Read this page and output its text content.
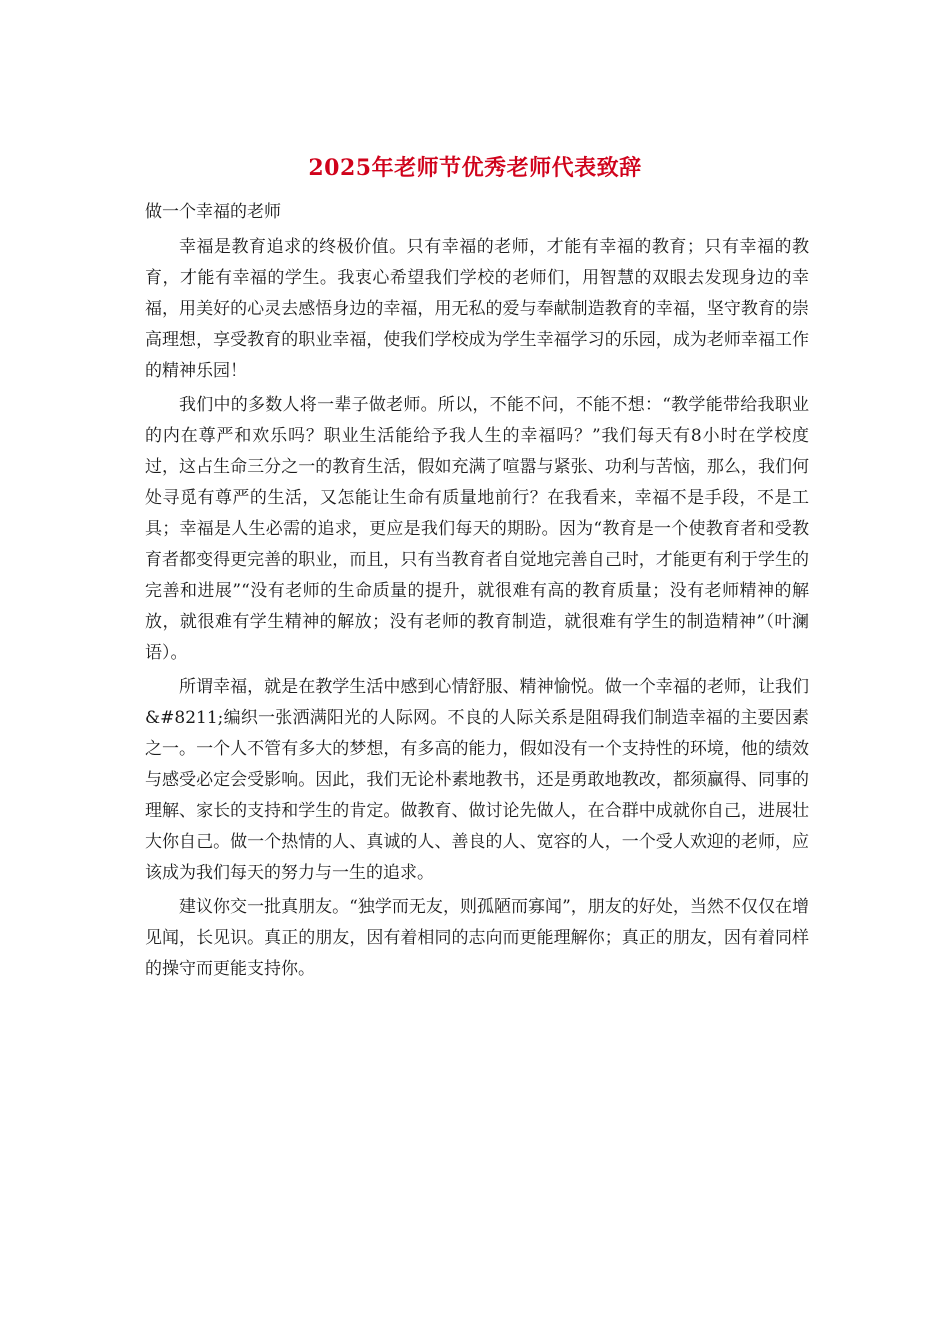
2025年老师节优秀老师代表致辞
做一个幸福的老师

幸福是教育追求的终极价值。只有幸福的老师，才能有幸福的教育；只有幸福的教育，才能有幸福的学生。我衷心希望我们学校的老师们，用智慧的双眼去发现身边的幸福，用美好的心灵去感悟身边的幸福，用无私的爱与奉献制造教育的幸福，坚守教育的崇高理想，享受教育的职业幸福，使我们学校成为学生幸福学习的乐园，成为老师幸福工作的精神乐园！

我们中的多数人将一辈子做老师。所以，不能不问，不能不想：“教学能带给我职业的内在尊严和欢乐吗？职业生活能给予我人生的幸福吗？”我们每天有8小时在学校度过，这占生命三分之一的教育生活，假如充满了喧嚣与紧张、功利与苦恼，那么，我们何处寻觅有尊严的生活，又怎能让生命有质量地前行？在我看来，幸福不是手段，不是工具；幸福是人生必需的追求，更应是我们每天的期盼。因为“教育是一个使教育者和受教育者都变得更完善的职业，而且，只有当教育者自觉地完善自己时，才能更有利于学生的完善和进展”“没有老师的生命质量的提升，就很难有高的教育质量；没有老师精神的解放，就很难有学生精神的解放；没有老师的教育制造，就很难有学生的制造精神”（叶澜语）。

所谓幸福，就是在教学生活中感到心情舒服、精神愉悦。做一个幸福的老师，让我们&#8211;编织一张洒满阳光的人际网。不良的人际关系是阻碍我们制造幸福的主要因素之一。一个人不管有多大的梦想，有多高的能力，假如没有一个支持性的环境，他的绩效与感受必定会受影响。因此，我们无论朴素地教书，还是勇敢地教改，都须赢得、同事的理解、家长的支持和学生的肯定。做教育、做讨论先做人，在合群中成就你自己，进展壮大你自己。做一个热情的人、真诚的人、善良的人、宽容的人，一个受人欢迎的老师，应该成为我们每天的努力与一生的追求。

建议你交一批真朋友。“独学而无友，则孤陋而寡闻”，朋友的好处，当然不仅仅在增见闻，长见识。真正的朋友，因有着相同的志向而更能理解你；真正的朋友，因有着同样的操守而更能支持你。
